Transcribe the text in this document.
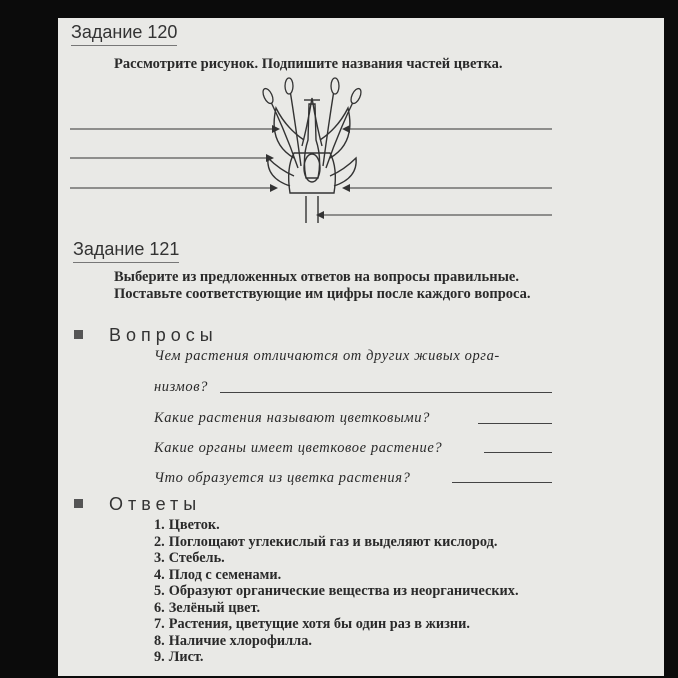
Задание 120
Рассмотрите рисунок. Подпишите названия частей цветка.
Задание 121
Выберите из предложенных ответов на вопросы правильные. Поставьте соответствующие им цифры после каждого вопроса.
Вопросы
Чем растения отличаются от других живых орга-
низмов?
Какие растения называют цветковыми?
Какие органы имеет цветковое растение?
Что образуется из цветка растения?
Ответы
1. Цветок.
2. Поглощают углекислый газ и выделяют кислород.
3. Стебель.
4. Плод с семенами.
5. Образуют органические вещества из неорганических.
6. Зелёный цвет.
7. Растения, цветущие хотя бы один раз в жизни.
8. Наличие хлорофилла.
9. Лист.
